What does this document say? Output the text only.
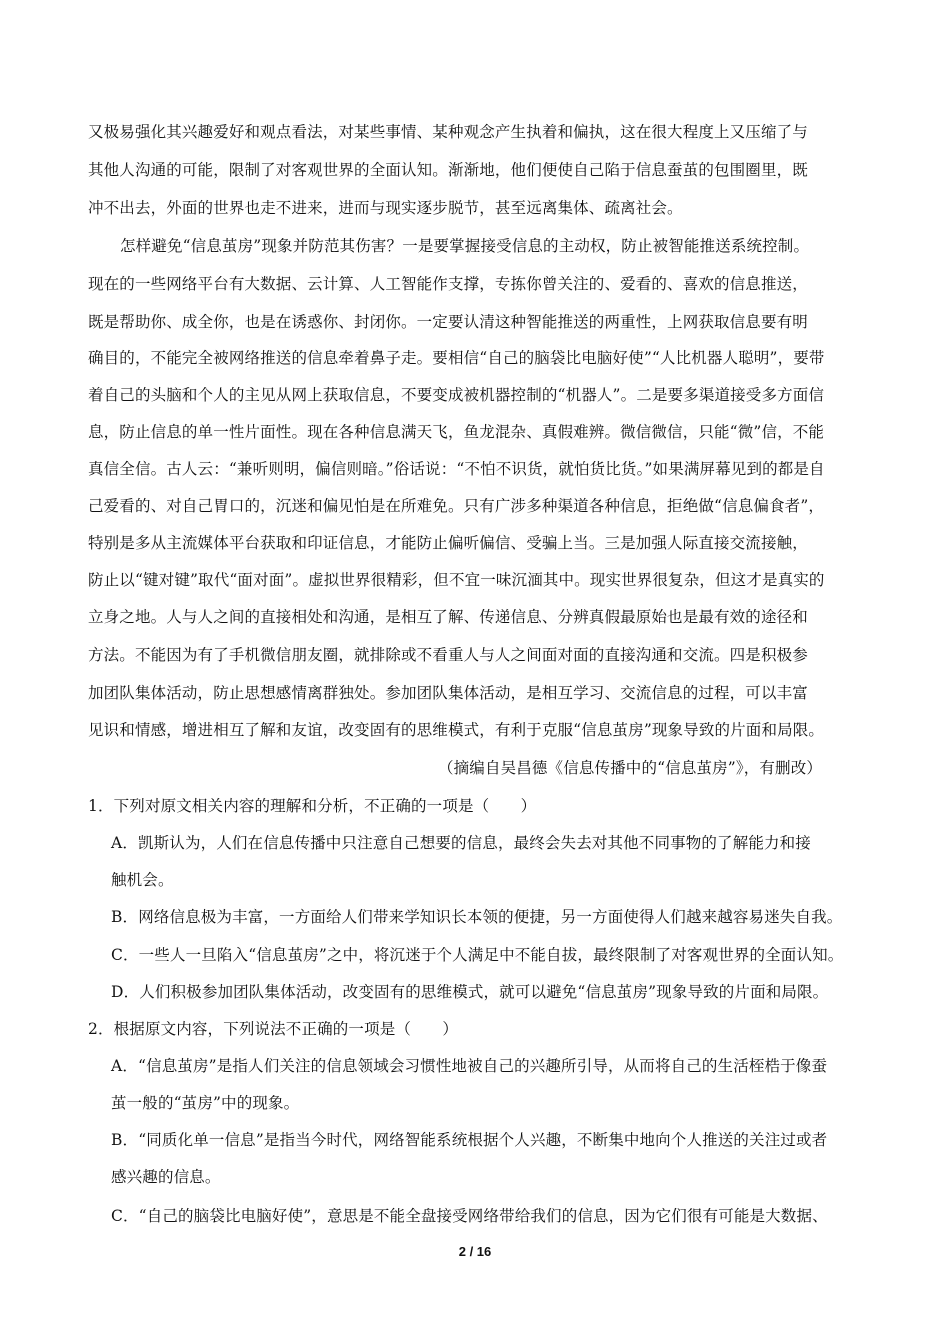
又极易强化其兴趣爱好和观点看法，对某些事情、某种观念产生执着和偏执，这在很大程度上又压缩了与
其他人沟通的可能，限制了对客观世界的全面认知。渐渐地，他们便使自己陷于信息蚕茧的包围圈里，既
冲不出去，外面的世界也走不进来，进而与现实逐步脱节，甚至远离集体、疏离社会。
怎样避免“信息茧房”现象并防范其伤害？一是要掌握接受信息的主动权，防止被智能推送系统控制。
现在的一些网络平台有大数据、云计算、人工智能作支撑，专拣你曾关注的、爱看的、喜欢的信息推送，
既是帮助你、成全你，也是在诱惑你、封闭你。一定要认清这种智能推送的两重性，上网获取信息要有明
确目的，不能完全被网络推送的信息牵着鼻子走。要相信“自己的脑袋比电脑好使”“人比机器人聪明”，要带
着自己的头脑和个人的主见从网上获取信息，不要变成被机器控制的“机器人”。二是要多渠道接受多方面信
息，防止信息的单一性片面性。现在各种信息满天飞，鱼龙混杂、真假难辨。微信微信，只能“微”信，不能
真信全信。古人云：“兼听则明，偏信则暗。”俗话说：“不怕不识货，就怕货比货。”如果满屏幕见到的都是自
己爱看的、对自己胃口的，沉迷和偏见怕是在所难免。只有广涉多种渠道各种信息，拒绝做“信息偏食者”，
特别是多从主流媒体平台获取和印证信息，才能防止偏听偏信、受骗上当。三是加强人际直接交流接触，
防止以“键对键”取代“面对面”。虚拟世界很精彩，但不宜一味沉湎其中。现实世界很复杂，但这才是真实的
立身之地。人与人之间的直接相处和沟通，是相互了解、传递信息、分辨真假最原始也是最有效的途径和
方法。不能因为有了手机微信朋友圈，就排除或不看重人与人之间面对面的直接沟通和交流。四是积极参
加团队集体活动，防止思想感情离群独处。参加团队集体活动，是相互学习、交流信息的过程，可以丰富
见识和情感，增进相互了解和友谊，改变固有的思维模式，有利于克服“信息茧房”现象导致的片面和局限。
（摘编自吴昌德《信息传播中的“信息茧房”》，有删改）
1．下列对原文相关内容的理解和分析，不正确的一项是（　　）
A．凯斯认为，人们在信息传播中只注意自己想要的信息，最终会失去对其他不同事物的了解能力和接
触机会。
B．网络信息极为丰富，一方面给人们带来学知识长本领的便捷，另一方面使得人们越来越容易迷失自我。
C．一些人一旦陷入“信息茧房”之中，将沉迷于个人满足中不能自拔，最终限制了对客观世界的全面认知。
D．人们积极参加团队集体活动，改变固有的思维模式，就可以避免“信息茧房”现象导致的片面和局限。
2．根据原文内容，下列说法不正确的一项是（　　）
A．“信息茧房”是指人们关注的信息领域会习惯性地被自己的兴趣所引导，从而将自己的生活桎梏于像蚕
茧一般的“茧房”中的现象。
B．“同质化单一信息”是指当今时代，网络智能系统根据个人兴趣，不断集中地向个人推送的关注过或者
感兴趣的信息。
C．“自己的脑袋比电脑好使”，意思是不能全盘接受网络带给我们的信息，因为它们很有可能是大数据、
2 / 16
